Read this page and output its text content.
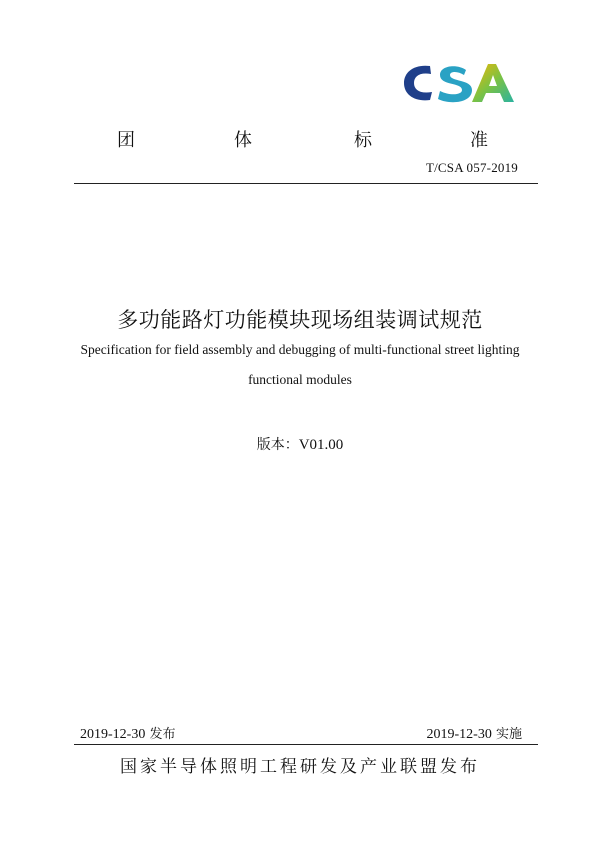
团	体	标	准
T/CSA 057-2019
多功能路灯功能模块现场组装调试规范
Specification for field assembly and debugging of multi-functional street lighting
functional modules
版本：V01.00
2019-12-30 发布	2019-12-30 实施
国家半导体照明工程研发及产业联盟发布
